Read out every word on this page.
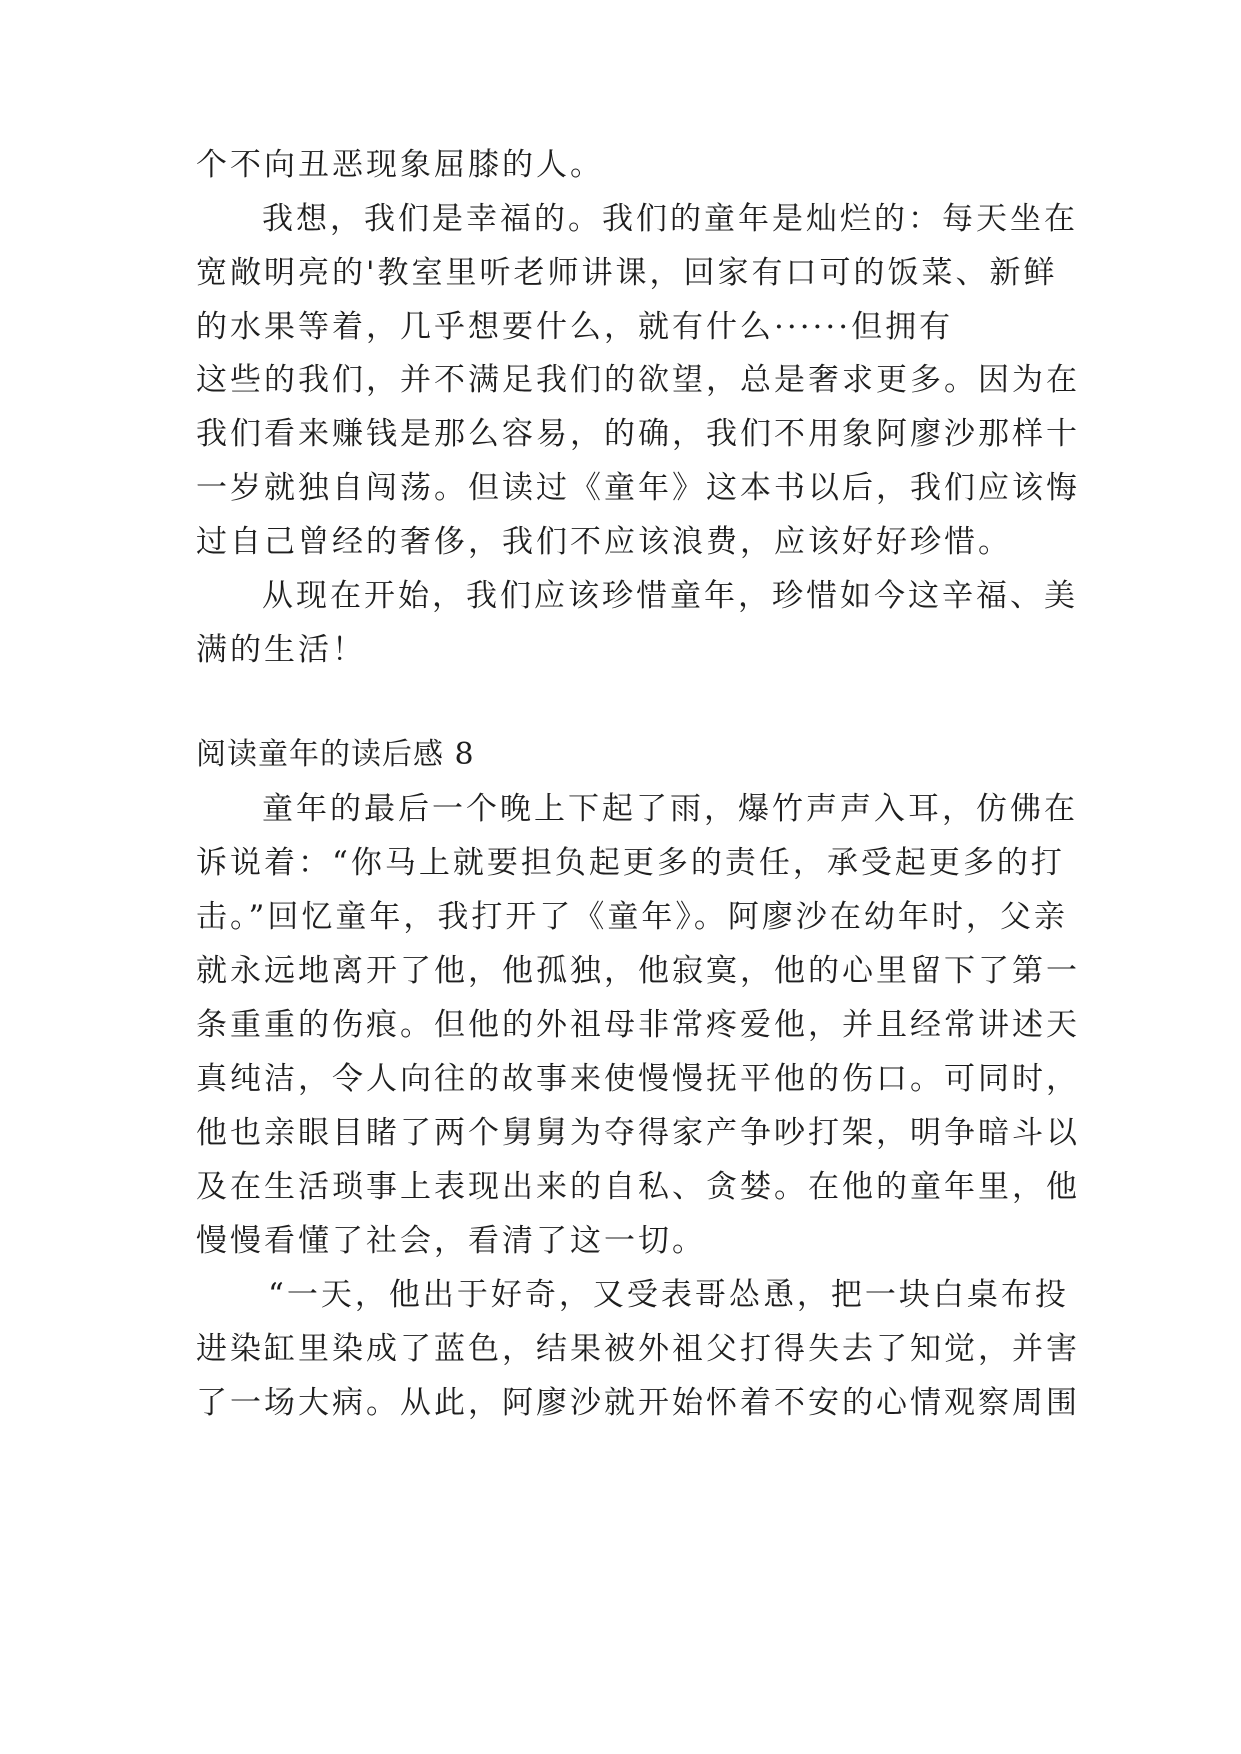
个不向丑恶现象屈膝的人。
我想，我们是幸福的。我们的童年是灿烂的：每天坐在
宽敞明亮的'教室里听老师讲课，回家有口可的饭菜、新鲜
的水果等着，几乎想要什么，就有什么······但拥有
这些的我们，并不满足我们的欲望，总是奢求更多。因为在
我们看来赚钱是那么容易，的确，我们不用象阿廖沙那样十
一岁就独自闯荡。但读过《童年》这本书以后，我们应该悔
过自己曾经的奢侈，我们不应该浪费，应该好好珍惜。
从现在开始，我们应该珍惜童年，珍惜如今这辛福、美
满的生活！
阅读童年的读后感 8
童年的最后一个晚上下起了雨，爆竹声声入耳，仿佛在
诉说着：“你马上就要担负起更多的责任，承受起更多的打
击。”回忆童年，我打开了《童年》。阿廖沙在幼年时，父亲
就永远地离开了他，他孤独，他寂寞，他的心里留下了第一
条重重的伤痕。但他的外祖母非常疼爱他，并且经常讲述天
真纯洁，令人向往的故事来使慢慢抚平他的伤口。可同时，
他也亲眼目睹了两个舅舅为夺得家产争吵打架，明争暗斗以
及在生活琐事上表现出来的自私、贪婪。在他的童年里，他
慢慢看懂了社会，看清了这一切。
“一天，他出于好奇，又受表哥怂恿，把一块白桌布投
进染缸里染成了蓝色，结果被外祖父打得失去了知觉，并害
了一场大病。从此，阿廖沙就开始怀着不安的心情观察周围
